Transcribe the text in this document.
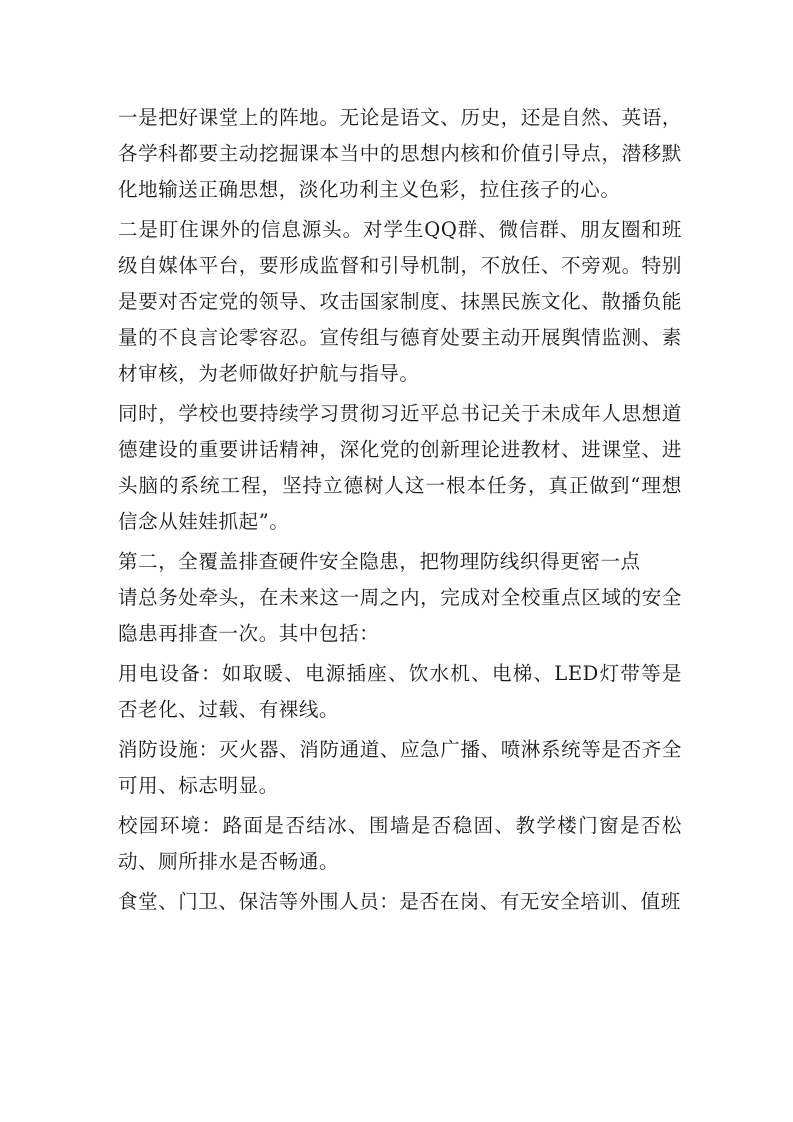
一是把好课堂上的阵地。无论是语文、历史，还是自然、英语，各学科都要主动挖掘课本当中的思想内核和价值引导点，潜移默化地输送正确思想，淡化功利主义色彩，拉住孩子的心。

二是盯住课外的信息源头。对学生QQ群、微信群、朋友圈和班级自媒体平台，要形成监督和引导机制，不放任、不旁观。特别是要对否定党的领导、攻击国家制度、抹黑民族文化、散播负能量的不良言论零容忍。宣传组与德育处要主动开展舆情监测、素材审核，为老师做好护航与指导。

同时，学校也要持续学习贯彻习近平总书记关于未成年人思想道德建设的重要讲话精神，深化党的创新理论进教材、进课堂、进头脑的系统工程，坚持立德树人这一根本任务，真正做到“理想信念从娃娃抓起”。

第二，全覆盖排查硬件安全隐患，把物理防线织得更密一点

请总务处牵头，在未来这一周之内，完成对全校重点区域的安全隐患再排查一次。其中包括：

用电设备：如取暖、电源插座、饮水机、电梯、LED灯带等是否老化、过载、有裸线。

消防设施：灭火器、消防通道、应急广播、喷淋系统等是否齐全可用、标志明显。

校园环境：路面是否结冰、围墙是否稳固、教学楼门窗是否松动、厕所排水是否畅通。

食堂、门卫、保洁等外围人员：是否在岗、有无安全培训、值班
